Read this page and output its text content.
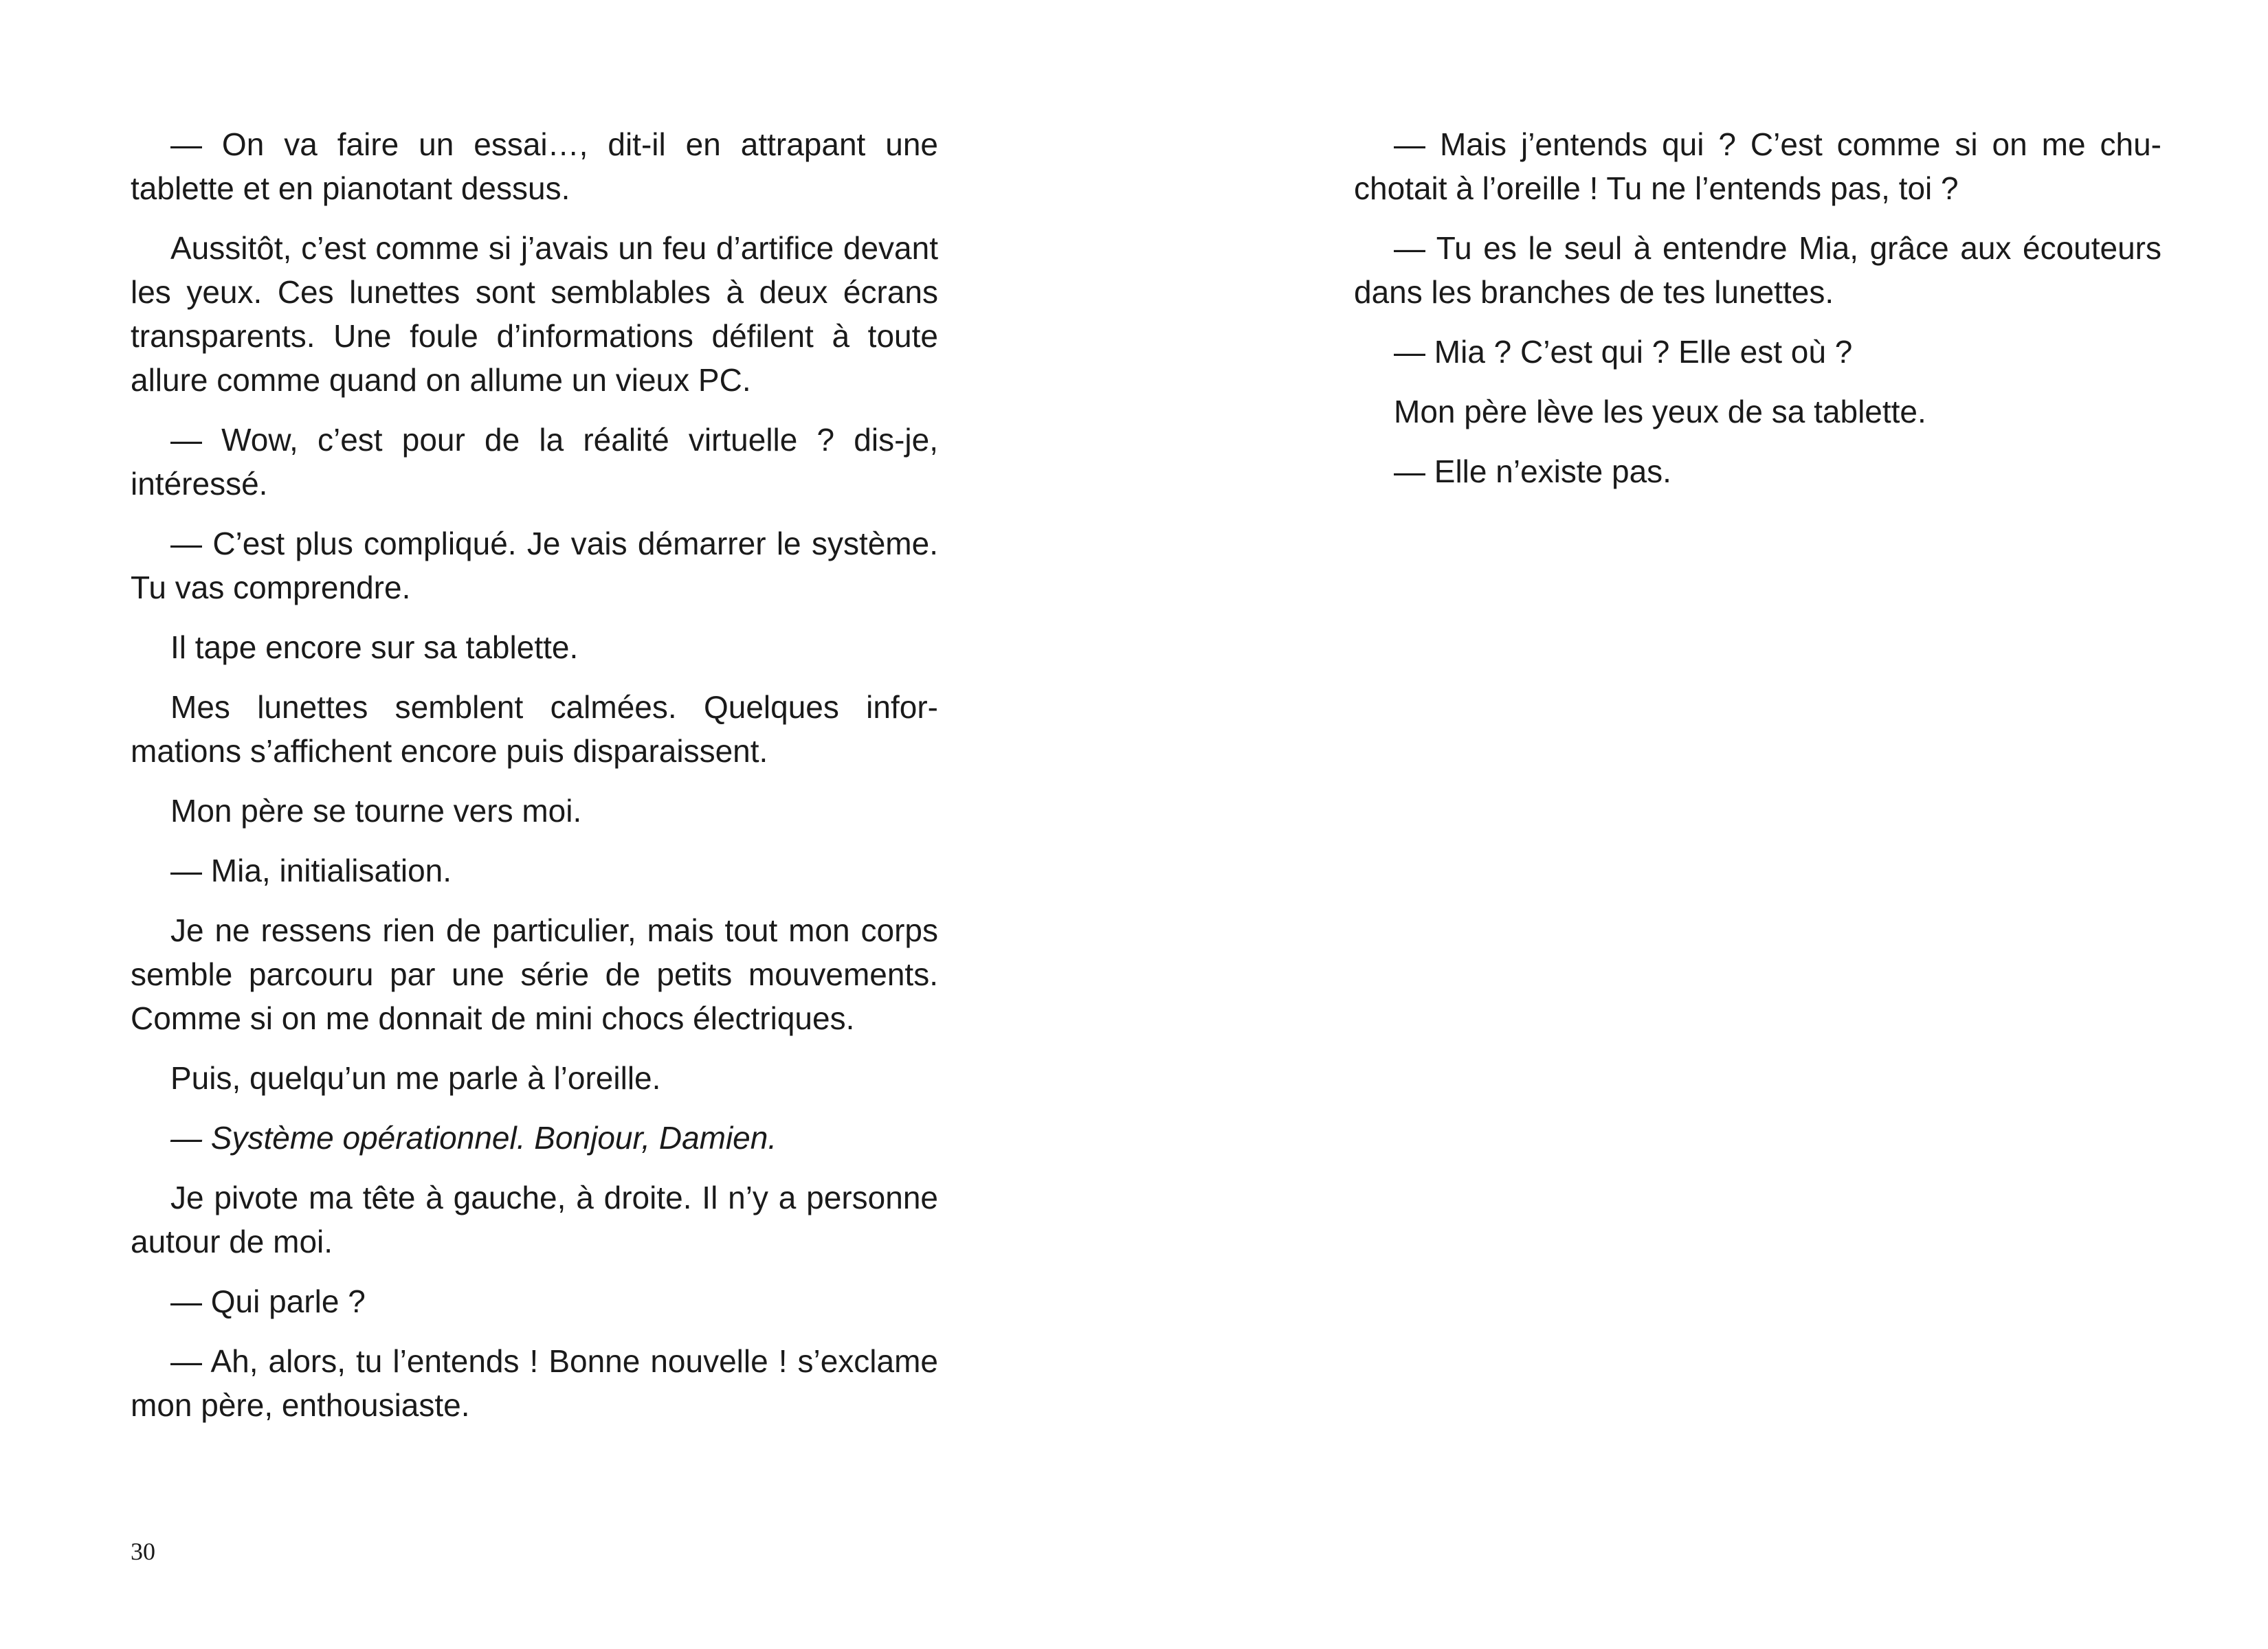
— On va faire un essai…, dit-il en attrapant une tablette et en pianotant dessus.

Aussitôt, c’est comme si j’avais un feu d’artifice devant les yeux. Ces lunettes sont semblables à deux écrans transparents. Une foule d’informations défilent à toute allure comme quand on allume un vieux PC.

— Wow, c’est pour de la réalité virtuelle ? dis-je, intéressé.

— C’est plus compliqué. Je vais démarrer le système. Tu vas comprendre.

Il tape encore sur sa tablette.

Mes lunettes semblent calmées. Quelques informations s’affichent encore puis disparaissent.

Mon père se tourne vers moi.

— Mia, initialisation.

Je ne ressens rien de particulier, mais tout mon corps semble parcouru par une série de petits mouvements. Comme si on me donnait de mini chocs électriques.

Puis, quelqu’un me parle à l’oreille.

— Système opérationnel. Bonjour, Damien.

Je pivote ma tête à gauche, à droite. Il n’y a personne autour de moi.

— Qui parle ?

— Ah, alors, tu l’entends ! Bonne nouvelle ! s’exclame mon père, enthousiaste.

30

— Mais j’entends qui ? C’est comme si on me chuchotait à l’oreille ! Tu ne l’entends pas, toi ?

— Tu es le seul à entendre Mia, grâce aux écouteurs dans les branches de tes lunettes.

— Mia ? C’est qui ? Elle est où ?

Mon père lève les yeux de sa tablette.

— Elle n’existe pas.
